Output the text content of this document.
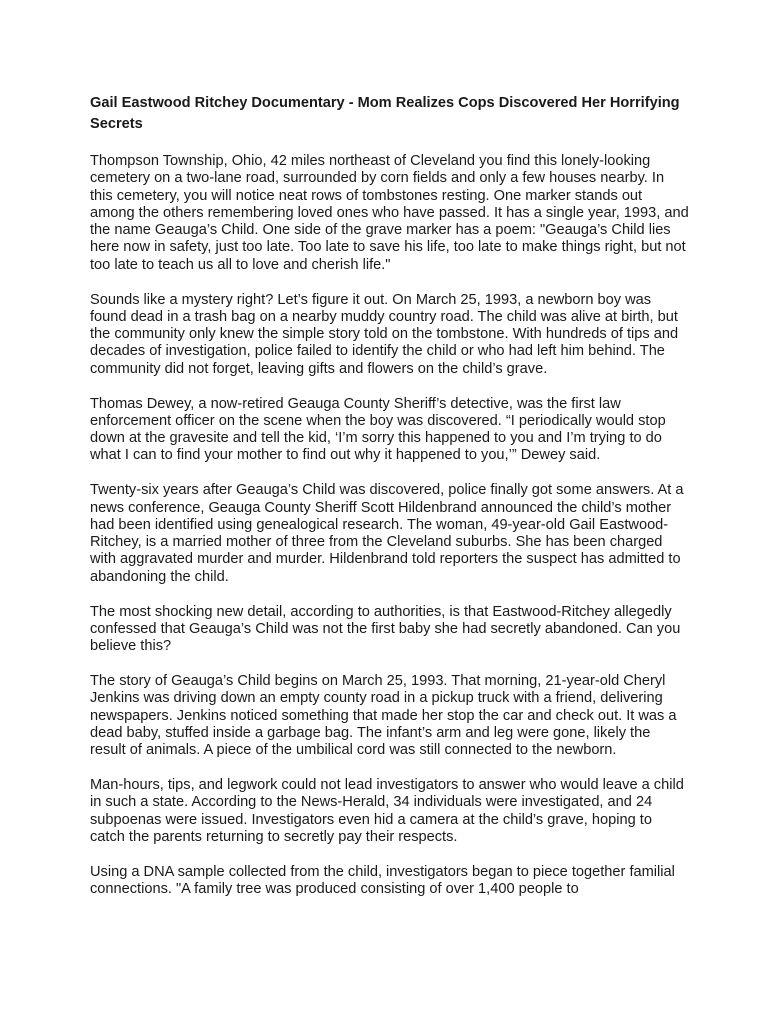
Gail Eastwood Ritchey Documentary - Mom Realizes Cops Discovered Her Horrifying Secrets
Thompson Township, Ohio, 42 miles northeast of Cleveland you find this lonely-looking cemetery on a two-lane road, surrounded by corn fields and only a few houses nearby. In this cemetery, you will notice neat rows of tombstones resting. One marker stands out among the others remembering loved ones who have passed. It has a single year, 1993, and the name Geauga’s Child. One side of the grave marker has a poem: "Geauga’s Child lies here now in safety, just too late. Too late to save his life, too late to make things right, but not too late to teach us all to love and cherish life."
Sounds like a mystery right? Let’s figure it out. On March 25, 1993, a newborn boy was found dead in a trash bag on a nearby muddy country road. The child was alive at birth, but the community only knew the simple story told on the tombstone. With hundreds of tips and decades of investigation, police failed to identify the child or who had left him behind. The community did not forget, leaving gifts and flowers on the child’s grave.
Thomas Dewey, a now-retired Geauga County Sheriff’s detective, was the first law enforcement officer on the scene when the boy was discovered. “I periodically would stop down at the gravesite and tell the kid, ‘I’m sorry this happened to you and I’m trying to do what I can to find your mother to find out why it happened to you,’” Dewey said.
Twenty-six years after Geauga’s Child was discovered, police finally got some answers. At a news conference, Geauga County Sheriff Scott Hildenbrand announced the child’s mother had been identified using genealogical research. The woman, 49-year-old Gail Eastwood-Ritchey, is a married mother of three from the Cleveland suburbs. She has been charged with aggravated murder and murder. Hildenbrand told reporters the suspect has admitted to abandoning the child.
The most shocking new detail, according to authorities, is that Eastwood-Ritchey allegedly confessed that Geauga’s Child was not the first baby she had secretly abandoned. Can you believe this?
The story of Geauga’s Child begins on March 25, 1993. That morning, 21-year-old Cheryl Jenkins was driving down an empty county road in a pickup truck with a friend, delivering newspapers. Jenkins noticed something that made her stop the car and check out. It was a dead baby, stuffed inside a garbage bag. The infant’s arm and leg were gone, likely the result of animals. A piece of the umbilical cord was still connected to the newborn.
Man-hours, tips, and legwork could not lead investigators to answer who would leave a child in such a state. According to the News-Herald, 34 individuals were investigated, and 24 subpoenas were issued. Investigators even hid a camera at the child’s grave, hoping to catch the parents returning to secretly pay their respects.
Using a DNA sample collected from the child, investigators began to piece together familial connections. "A family tree was produced consisting of over 1,400 people to
